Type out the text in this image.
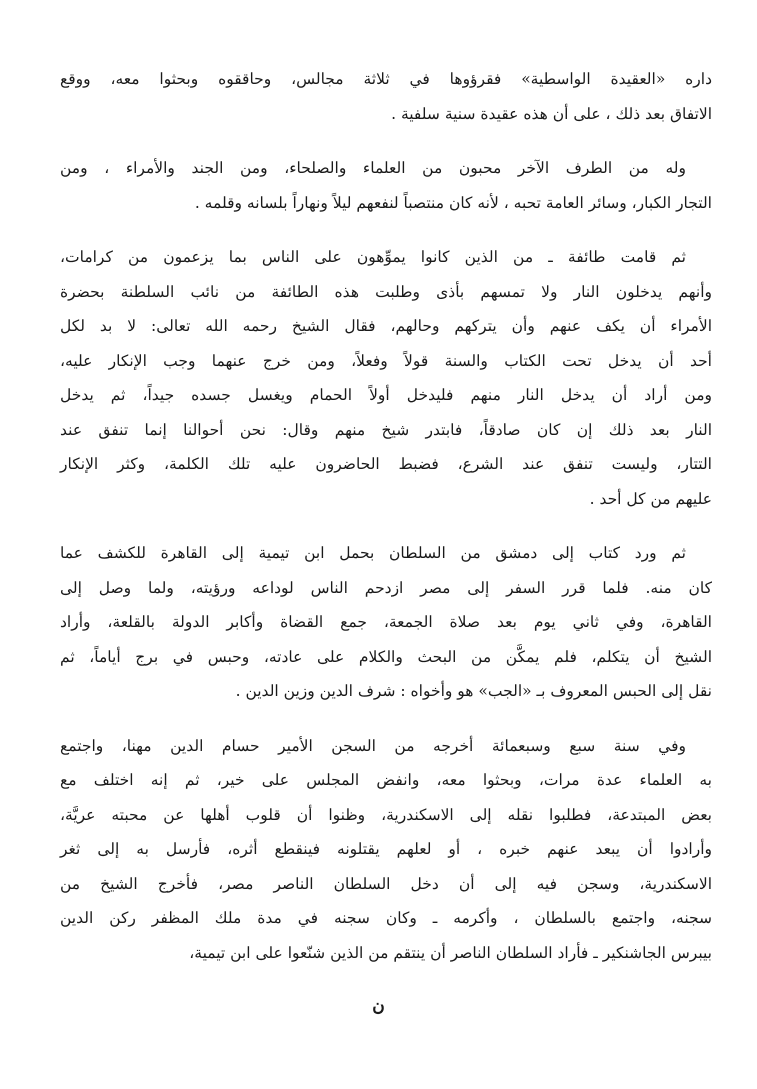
داره «العقيدة الواسطية» فقرؤوها في ثلاثة مجالس، وحاققوه وبحثوا معه، ووقع
الاتفاق بعد ذلك ، على أن هذه عقيدة سنية سلفية .
وله من الطرف الآخر محبون من العلماء والصلحاء، ومن الجند والأمراء ، ومن
التجار الكبار، وسائر العامة تحبه ، لأنه كان منتصباً لنفعهم ليلاً ونهاراً بلسانه وقلمه .
ثم قامت طائفة ـ من الذين كانوا يموِّهون على الناس بما يزعمون من كرامات،
وأنهم يدخلون النار ولا تمسهم بأذى وطلبت هذه الطائفة من نائب السلطنة بحضرة
الأمراء أن يكف عنهم وأن يتركهم وحالهم، فقال الشيخ رحمه الله تعالى: لا بد لكل
أحد أن يدخل تحت الكتاب والسنة قولاً وفعلاً، ومن خرج عنهما وجب الإنكار عليه،
ومن أراد أن يدخل النار منهم فليدخل أولاً الحمام ويغسل جسده جيداً، ثم يدخل
النار بعد ذلك إن كان صادقاً، فابتدر شيخ منهم وقال: نحن أحوالنا إنما تنفق عند
التتار، وليست تنفق عند الشرع، فضبط الحاضرون عليه تلك الكلمة، وكثر الإنكار
عليهم من كل أحد .
ثم ورد كتاب إلى دمشق من السلطان بحمل ابن تيمية إلى القاهرة للكشف عما
كان منه. فلما قرر السفر إلى مصر ازدحم الناس لوداعه ورؤيته، ولما وصل إلى
القاهرة، وفي ثاني يوم بعد صلاة الجمعة، جمع القضاة وأكابر الدولة بالقلعة، وأراد
الشيخ أن يتكلم، فلم يمكَّن من البحث والكلام على عادته، وحبس في برج أياماً، ثم
نقل إلى الحبس المعروف بـ «الجب» هو وأخواه : شرف الدين وزين الدين .
وفي سنة سبع وسبعمائة أخرجه من السجن الأمير حسام الدين مهنا، واجتمع
به العلماء عدة مرات، وبحثوا معه، وانفض المجلس على خير، ثم إنه اختلف مع
بعض المبتدعة، فطلبوا نقله إلى الاسكندرية، وظنوا أن قلوب أهلها عن محبته عريَّة،
وأرادوا أن يبعد عنهم خبره ، أو لعلهم يقتلونه فينقطع أثره، فأرسل به إلى ثغر
الاسكندرية، وسجن فيه إلى أن دخل السلطان الناصر مصر، فأخرج الشيخ من
سجنه، واجتمع بالسلطان ، وأكرمه ـ وكان سجنه في مدة ملك المظفر ركن الدين
بيبرس الجاشنكير ـ فأراد السلطان الناصر أن ينتقم من الذين شنّعوا على ابن تيمية،
ن
